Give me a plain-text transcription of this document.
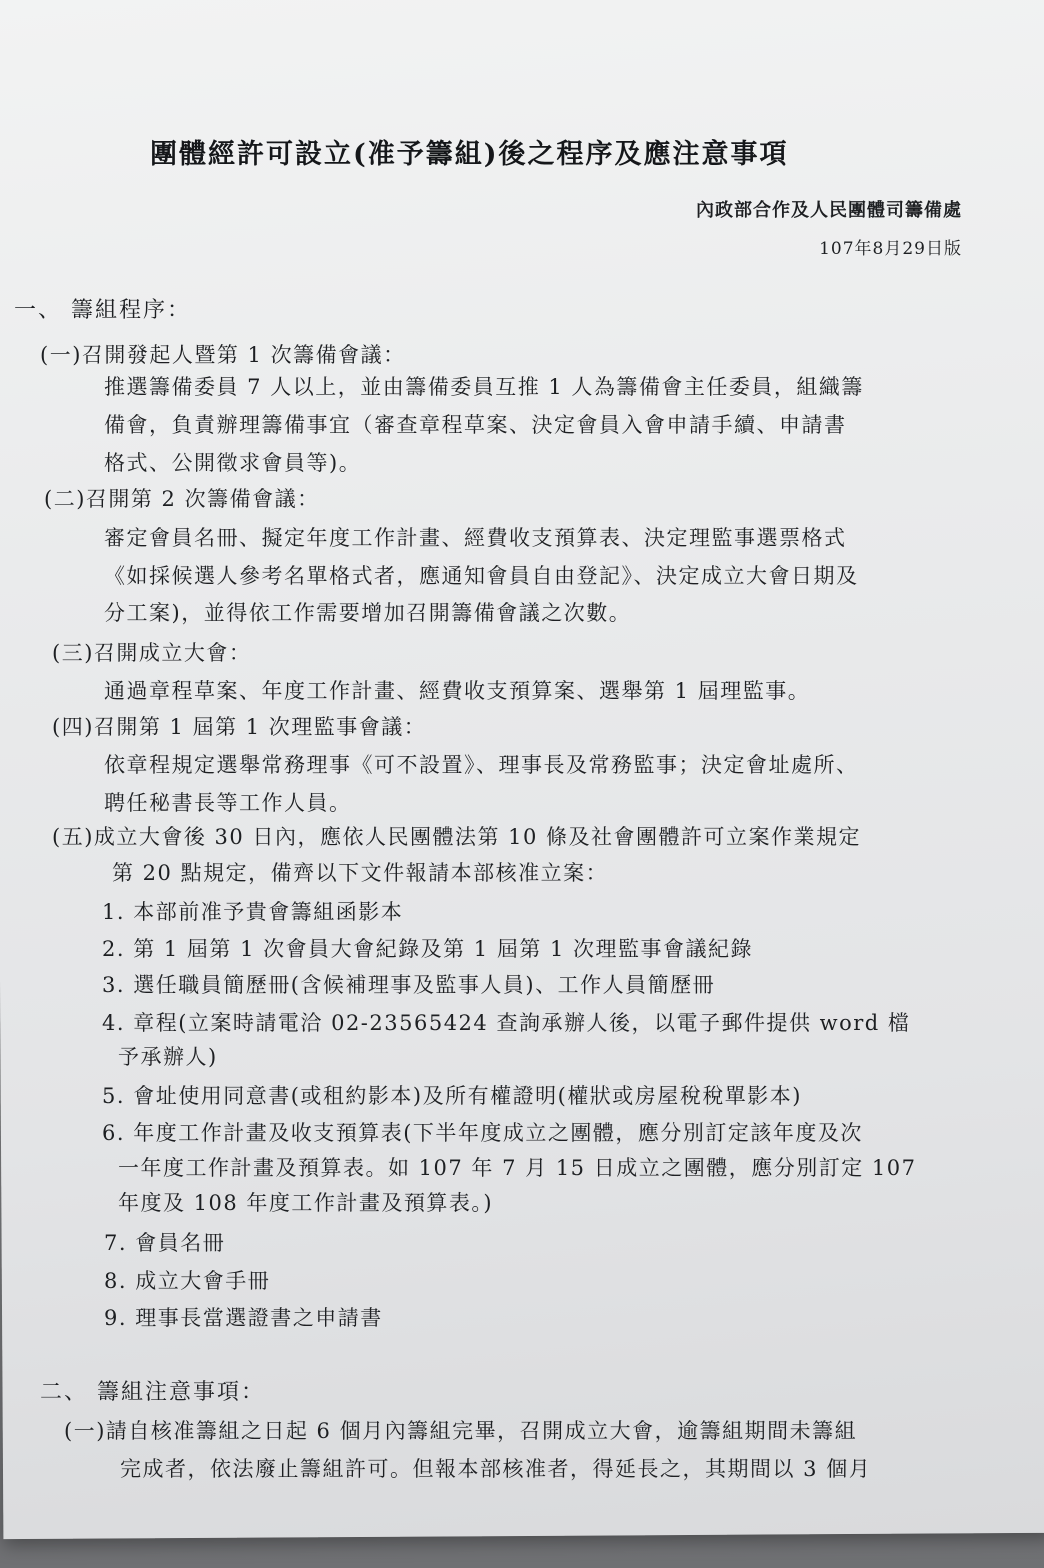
團體經許可設立(准予籌組)後之程序及應注意事項
內政部合作及人民團體司籌備處
107年8月29日版
一、 籌組程序：
(一)召開發起人暨第 1 次籌備會議：
推選籌備委員 7 人以上，並由籌備委員互推 1 人為籌備會主任委員，組織籌
備會，負責辦理籌備事宜（審查章程草案、決定會員入會申請手續、申請書
格式、公開徵求會員等)。
(二)召開第 2 次籌備會議：
審定會員名冊、擬定年度工作計畫、經費收支預算表、決定理監事選票格式
《如採候選人參考名單格式者，應通知會員自由登記》、決定成立大會日期及
分工案)，並得依工作需要增加召開籌備會議之次數。
(三)召開成立大會：
通過章程草案、年度工作計畫、經費收支預算案、選舉第 1 屆理監事。
(四)召開第 1 屆第 1 次理監事會議：
依章程規定選舉常務理事《可不設置》、理事長及常務監事；決定會址處所、
聘任秘書長等工作人員。
(五)成立大會後 30 日內，應依人民團體法第 10 條及社會團體許可立案作業規定
第 20 點規定，備齊以下文件報請本部核准立案：
1. 本部前准予貴會籌組函影本
2. 第 1 屆第 1 次會員大會紀錄及第 1 屆第 1 次理監事會議紀錄
3. 選任職員簡歷冊(含候補理事及監事人員)、工作人員簡歷冊
4. 章程(立案時請電洽 02-23565424 查詢承辦人後，以電子郵件提供 word 檔
予承辦人)
5. 會址使用同意書(或租約影本)及所有權證明(權狀或房屋稅稅單影本)
6. 年度工作計畫及收支預算表(下半年度成立之團體，應分別訂定該年度及次
一年度工作計畫及預算表。如 107 年 7 月 15 日成立之團體，應分別訂定 107
年度及 108 年度工作計畫及預算表。)
7. 會員名冊
8. 成立大會手冊
9. 理事長當選證書之申請書
二、 籌組注意事項：
(一)請自核准籌組之日起 6 個月內籌組完畢，召開成立大會，逾籌組期間未籌組
完成者，依法廢止籌組許可。但報本部核准者，得延長之，其期間以 3 個月
